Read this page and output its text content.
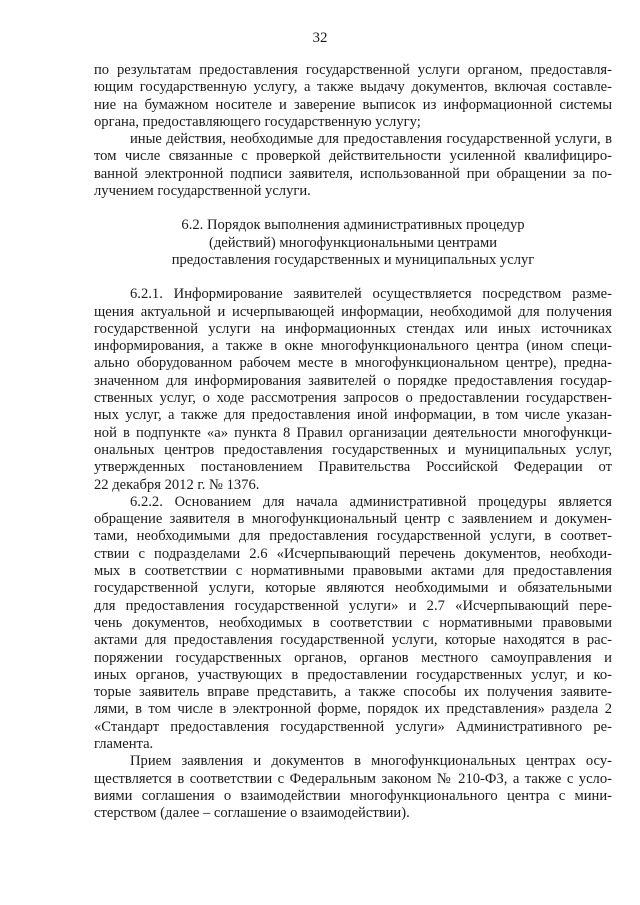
32
по результатам предоставления государственной услуги органом, предоставля-
ющим государственную услугу, а также выдачу документов, включая составле-
ние на бумажном носителе и заверение выписок из информационной системы
органа, предоставляющего государственную услугу;
иные действия, необходимые для предоставления государственной услуги, в
том числе связанные с проверкой действительности усиленной квалифициро-
ванной электронной подписи заявителя, использованной при обращении за по-
лучением государственной услуги.
6.2. Порядок выполнения административных процедур
(действий) многофункциональными центрами
предоставления государственных и муниципальных услуг
6.2.1. Информирование заявителей осуществляется посредством разме-
щения актуальной и исчерпывающей информации, необходимой для получения
государственной услуги на информационных стендах или иных источниках
информирования, а также в окне многофункционального центра (ином специ-
ально оборудованном рабочем месте в многофункциональном центре), предна-
значенном для информирования заявителей о порядке предоставления государ-
ственных услуг, о ходе рассмотрения запросов о предоставлении государствен-
ных услуг, а также для предоставления иной информации, в том числе указан-
ной в подпункте «а» пункта 8 Правил организации деятельности многофункци-
ональных центров предоставления государственных и муниципальных услуг,
утвержденных постановлением Правительства Российской Федерации от
22 декабря 2012 г. № 1376.
6.2.2. Основанием для начала административной процедуры является
обращение заявителя в многофункциональный центр с заявлением и докумен-
тами, необходимыми для предоставления государственной услуги, в соответ-
ствии с подразделами 2.6 «Исчерпывающий перечень документов, необходи-
мых в соответствии с нормативными правовыми актами для предоставления
государственной услуги, которые являются необходимыми и обязательными
для предоставления государственной услуги» и 2.7 «Исчерпывающий пере-
чень документов, необходимых в соответствии с нормативными правовыми
актами для предоставления государственной услуги, которые находятся в рас-
поряжении государственных органов, органов местного самоуправления и
иных органов, участвующих в предоставлении государственных услуг, и ко-
торые заявитель вправе представить, а также способы их получения заявите-
лями, в том числе в электронной форме, порядок их представления» раздела 2
«Стандарт предоставления государственной услуги» Административного ре-
гламента.
Прием заявления и документов в многофункциональных центрах осу-
ществляется в соответствии с Федеральным законом № 210-ФЗ, а также с усло-
виями соглашения о взаимодействии многофункционального центра с мини-
стерством (далее – соглашение о взаимодействии).
